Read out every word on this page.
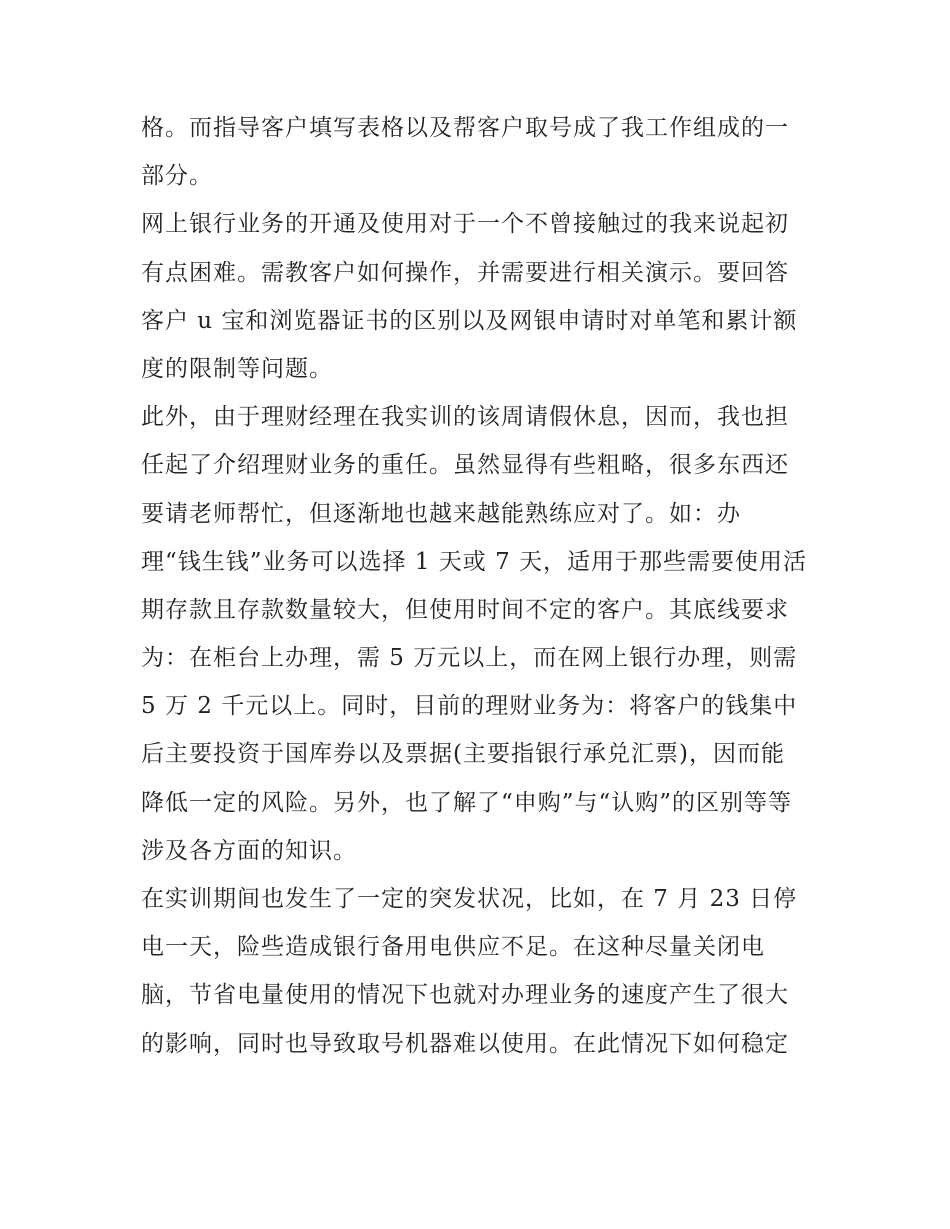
格。而指导客户填写表格以及帮客户取号成了我工作组成的一
部分。
网上银行业务的开通及使用对于一个不曾接触过的我来说起初
有点困难。需教客户如何操作，并需要进行相关演示。要回答
客户 u 宝和浏览器证书的区别以及网银申请时对单笔和累计额
度的限制等问题。
此外，由于理财经理在我实训的该周请假休息，因而，我也担
任起了介绍理财业务的重任。虽然显得有些粗略，很多东西还
要请老师帮忙，但逐渐地也越来越能熟练应对了。如：办
理“钱生钱”业务可以选择 1 天或 7 天，适用于那些需要使用活
期存款且存款数量较大，但使用时间不定的客户。其底线要求
为：在柜台上办理，需 5 万元以上，而在网上银行办理，则需
5 万 2 千元以上。同时，目前的理财业务为：将客户的钱集中
后主要投资于国库券以及票据(主要指银行承兑汇票)，因而能
降低一定的风险。另外，也了解了“申购”与“认购”的区别等等
涉及各方面的知识。
在实训期间也发生了一定的突发状况，比如，在 7 月 23 日停
电一天，险些造成银行备用电供应不足。在这种尽量关闭电
脑，节省电量使用的情况下也就对办理业务的速度产生了很大
的影响，同时也导致取号机器难以使用。在此情况下如何稳定
